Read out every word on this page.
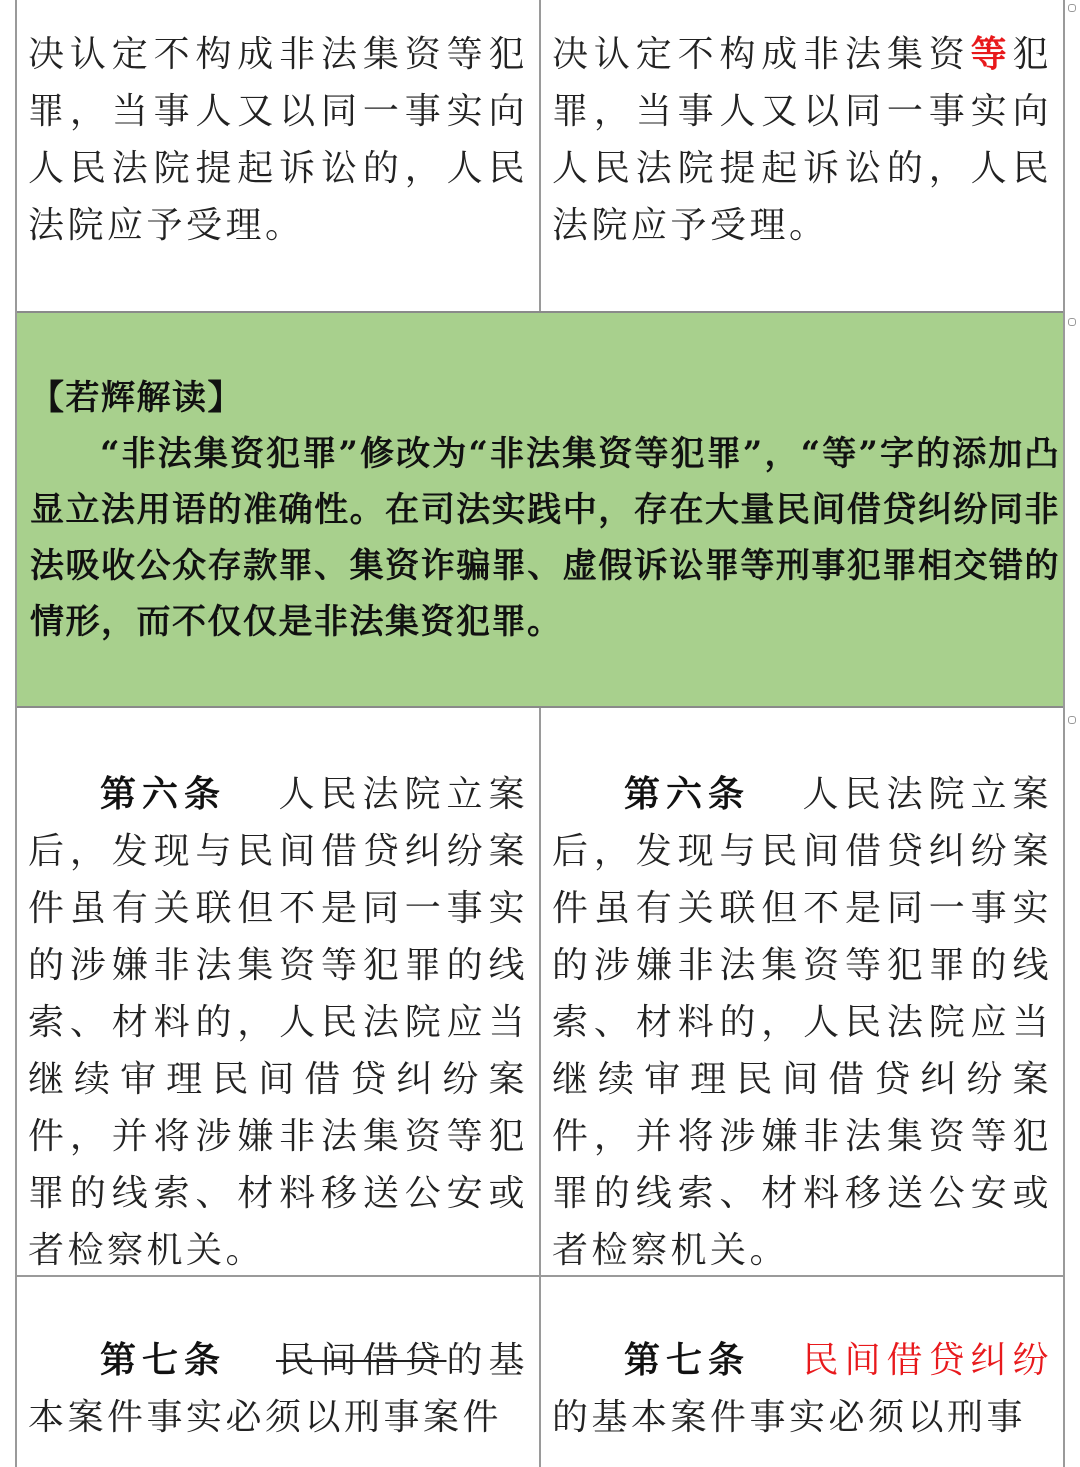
决认定不构成非法集资等犯罪，当事人又以同一事实向人民法院提起诉讼的，人民法院应予受理。

决认定不构成非法集资等犯罪，当事人又以同一事实向人民法院提起诉讼的，人民法院应予受理。

【若辉解读】

“非法集资犯罪”修改为“非法集资等犯罪”，“等”字的添加凸显立法用语的准确性。在司法实践中，存在大量民间借贷纠纷同非法吸收公众存款罪、集资诈骗罪、虚假诉讼罪等刑事犯罪相交错的情形，而不仅仅是非法集资犯罪。

第六条 人民法院立案后，发现与民间借贷纠纷案件虽有关联但不是同一事实的涉嫌非法集资等犯罪的线索、材料的，人民法院应当继续审理民间借贷纠纷案件，并将涉嫌非法集资等犯罪的线索、材料移送公安或者检察机关。

第六条 人民法院立案后，发现与民间借贷纠纷案件虽有关联但不是同一事实的涉嫌非法集资等犯罪的线索、材料的，人民法院应当继续审理民间借贷纠纷案件，并将涉嫌非法集资等犯罪的线索、材料移送公安或者检察机关。

第七条 民间借贷的基本案件事实必须以刑事案件

第七条 民间借贷纠纷的基本案件事实必须以刑事
